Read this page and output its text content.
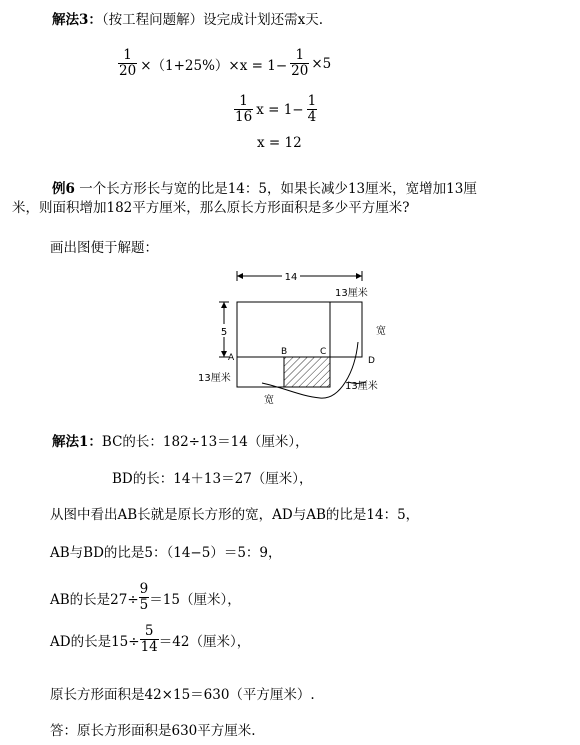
解法3：（按工程问题解）设完成计划还需x天.
$\frac{1}{20} \times(1+25\%)\times x = 1- \frac{1}{20} \times 5$
$\frac{1}{16}$ $x = 1- \frac{1}{4}$
x = 12
例6 一个长方形长与宽的比是14：5，如果长减少13厘米，宽增加13厘
米，则面积增加182平方厘米，那么原长方形面积是多少平方厘米?
画出图便于解题：
14
13厘米
5	宽
A
B	C
D
13厘米
13厘米
宽
解法1：BC的长：182÷13＝14（厘米），
BD的长：14＋13＝27（厘米），
从图中看出AB长就是原长方形的宽，AD与AB的比是14：5，
AB与BD的比是5：（14−5）＝5：9，
AB的长是$27\div \frac{9}{5} =15$（厘米），
AD的长是$15\div \frac{5}{14} =42$（厘米），
原长方形面积是42×15＝630（平方厘米）.
答：原长方形面积是630平方厘米.
